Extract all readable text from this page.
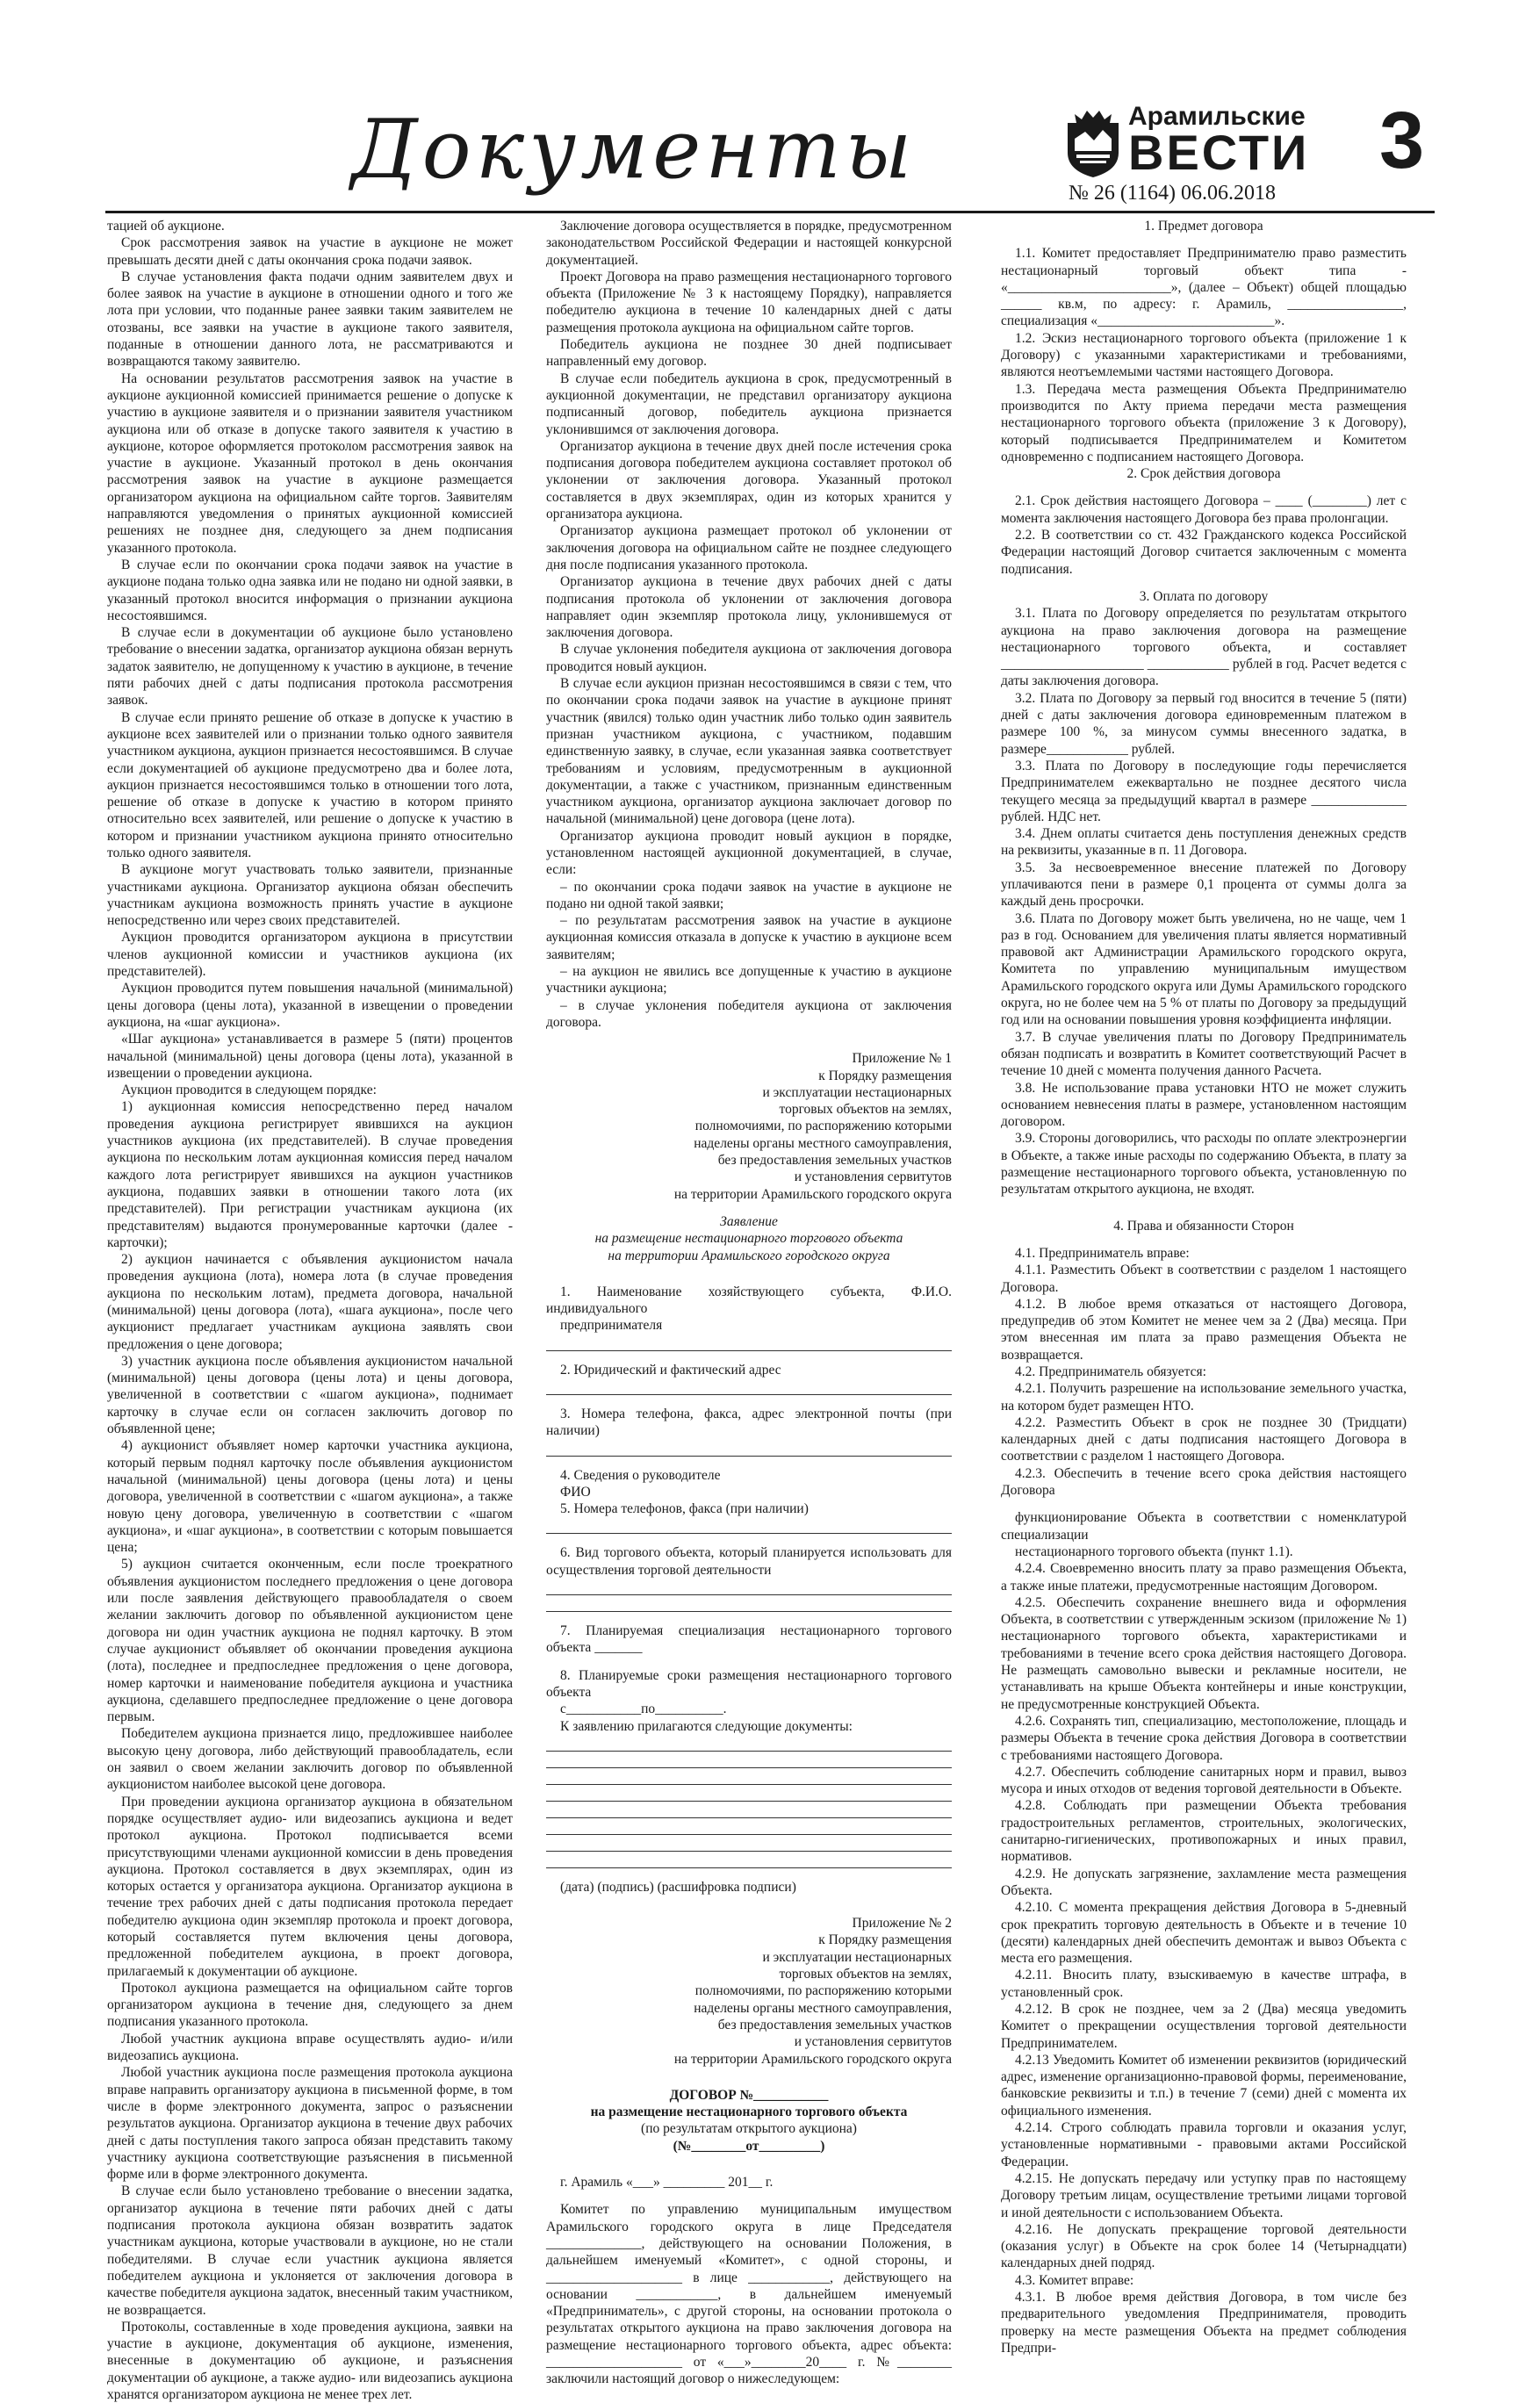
Документы	Арамильские
ВЕСТИ
№ 26 (1164) 06.06.2018
3

тацией об аукционе.

Срок рассмотрения заявок на участие в аукционе не может превышать десяти дней с даты окончания срока подачи заявок.

В случае установления факта подачи одним заявителем двух и более заявок на участие в аукционе в отношении одного и того же лота при условии, что поданные ранее заявки таким заявителем не отозваны, все заявки на участие в аукционе такого заявителя, поданные в отношении данного лота, не рассматриваются и возвращаются такому заявителю.

На основании результатов рассмотрения заявок на участие в аукционе аукционной комиссией принимается решение о допуске к участию в аукционе заявителя и о признании заявителя участником аукциона или об отказе в допуске такого заявителя к участию в аукционе, которое оформляется протоколом рассмотрения заявок на участие в аукционе. Указанный протокол в день окончания рассмотрения заявок на участие в аукционе размещается организатором аукциона на официальном сайте торгов. Заявителям направляются уведомления о принятых аукционной комиссией решениях не позднее дня, следующего за днем подписания указанного протокола.

В случае если по окончании срока подачи заявок на участие в аукционе подана только одна заявка или не подано ни одной заявки, в указанный протокол вносится информация о признании аукциона несостоявшимся.

В случае если в документации об аукционе было установлено требование о внесении задатка, организатор аукциона обязан вернуть задаток заявителю, не допущенному к участию в аукционе, в течение пяти рабочих дней с даты подписания протокола рассмотрения заявок.

В случае если принято решение об отказе в допуске к участию в аукционе всех заявителей или о признании только одного заявителя участником аукциона, аукцион признается несостоявшимся. В случае если документацией об аукционе предусмотрено два и более лота, аукцион признается несостоявшимся только в отношении того лота, решение об отказе в допуске к участию в котором принято относительно всех заявителей, или решение о допуске к участию в котором и признании участником аукциона принято относительно только одного заявителя.

В аукционе могут участвовать только заявители, признанные участниками аукциона. Организатор аукциона обязан обеспечить участникам аукциона возможность принять участие в аукционе непосредственно или через своих представителей.

Аукцион проводится организатором аукциона в присутствии членов аукционной комиссии и участников аукциона (их представителей).

Аукцион проводится путем повышения начальной (минимальной) цены договора (цены лота), указанной в извещении о проведении аукциона, на «шаг аукциона».

«Шаг аукциона» устанавливается в размере 5 (пяти) процентов начальной (минимальной) цены договора (цены лота), указанной в извещении о проведении аукциона.

Аукцион проводится в следующем порядке:

1) аукционная комиссия непосредственно перед началом проведения аукциона регистрирует явившихся на аукцион участников аукциона (их представителей). В случае проведения аукциона по нескольким лотам аукционная комиссия перед началом каждого лота регистрирует явившихся на аукцион участников аукциона, подавших заявки в отношении такого лота (их представителей). При регистрации участникам аукциона (их представителям) выдаются пронумерованные карточки (далее - карточки);

2) аукцион начинается с объявления аукционистом начала проведения аукциона (лота), номера лота (в случае проведения аукциона по нескольким лотам), предмета договора, начальной (минимальной) цены договора (лота), «шага аукциона», после чего аукционист предлагает участникам аукциона заявлять свои предложения о цене договора;

3) участник аукциона после объявления аукционистом начальной (минимальной) цены договора (цены лота) и цены договора, увеличенной в соответствии с «шагом аукциона», поднимает карточку в случае если он согласен заключить договор по объявленной цене;

4) аукционист объявляет номер карточки участника аукциона, который первым поднял карточку после объявления аукционистом начальной (минимальной) цены договора (цены лота) и цены договора, увеличенной в соответствии с «шагом аукциона», а также новую цену договора, увеличенную в соответствии с «шагом аукциона», и «шаг аукциона», в соответствии с которым повышается цена;

5) аукцион считается оконченным, если после троекратного объявления аукционистом последнего предложения о цене договора или после заявления действующего правообладателя о своем желании заключить договор по объявленной аукционистом цене договора ни один участник аукциона не поднял карточку. В этом случае аукционист объявляет об окончании проведения аукциона (лота), последнее и предпоследнее предложения о цене договора, номер карточки и наименование победителя аукциона и участника аукциона, сделавшего предпоследнее предложение о цене договора первым.

Победителем аукциона признается лицо, предложившее наиболее высокую цену договора, либо действующий правообладатель, если он заявил о своем желании заключить договор по объявленной аукционистом наиболее высокой цене договора.

При проведении аукциона организатор аукциона в обязательном порядке осуществляет аудио- или видеозапись аукциона и ведет протокол аукциона. Протокол подписывается всеми присутствующими членами аукционной комиссии в день проведения аукциона. Протокол составляется в двух экземплярах, один из которых остается у организатора аукциона. Организатор аукциона в течение трех рабочих дней с даты подписания протокола передает победителю аукциона один экземпляр протокола и проект договора, который составляется путем включения цены договора, предложенной победителем аукциона, в проект договора, прилагаемый к документации об аукционе.

Протокол аукциона размещается на официальном сайте торгов организатором аукциона в течение дня, следующего за днем подписания указанного протокола.

Любой участник аукциона вправе осуществлять аудио- и/или видеозапись аукциона.

Любой участник аукциона после размещения протокола аукциона вправе направить организатору аукциона в письменной форме, в том числе в форме электронного документа, запрос о разъяснении результатов аукциона. Организатор аукциона в течение двух рабочих дней с даты поступления такого запроса обязан представить такому участнику аукциона соответствующие разъяснения в письменной форме или в форме электронного документа.

В случае если было установлено требование о внесении задатка, организатор аукциона в течение пяти рабочих дней с даты подписания протокола аукциона обязан возвратить задаток участникам аукциона, которые участвовали в аукционе, но не стали победителями. В случае если участник аукциона является победителем аукциона и уклоняется от заключения договора в качестве победителя аукциона задаток, внесенный таким участником, не возвращается.

Протоколы, составленные в ходе проведения аукциона, заявки на участие в аукционе, документация об аукционе, изменения, внесенные в документацию об аукционе, и разъяснения документации об аукционе, а также аудио- или видеозапись аукциона хранятся организатором аукциона не менее трех лет.

Заключение договора осуществляется в порядке, предусмотренном законодательством Российской Федерации и настоящей конкурсной документацией.

Проект Договора на право размещения нестационарного торгового объекта (Приложение № 3 к настоящему Порядку), направляется победителю аукциона в течение 10 календарных дней с даты размещения протокола аукциона на официальном сайте торгов.

Победитель аукциона не позднее 30 дней подписывает направленный ему договор.

В случае если победитель аукциона в срок, предусмотренный в аукционной документации, не представил организатору аукциона подписанный договор, победитель аукциона признается уклонившимся от заключения договора.

Организатор аукциона в течение двух дней после истечения срока подписания договора победителем аукциона составляет протокол об уклонении от заключения договора. Указанный протокол составляется в двух экземплярах, один из которых хранится у организатора аукциона.

Организатор аукциона размещает протокол об уклонении от заключения договора на официальном сайте не позднее следующего дня после подписания указанного протокола.

Организатор аукциона в течение двух рабочих дней с даты подписания протокола об уклонении от заключения договора направляет один экземпляр протокола лицу, уклонившемуся от заключения договора.

В случае уклонения победителя аукциона от заключения договора проводится новый аукцион.

В случае если аукцион признан несостоявшимся в связи с тем, что по окончании срока подачи заявок на участие в аукционе принят участник (явился) только один участник либо только один заявитель признан участником аукциона, с участником, подавшим единственную заявку, в случае, если указанная заявка соответствует требованиям и условиям, предусмотренным в аукционной документации, а также с участником, признанным единственным участником аукциона, организатор аукциона заключает договор по начальной (минимальной) цене договора (цене лота).

Организатор аукциона проводит новый аукцион в порядке, установленном настоящей аукционной документацией, в случае, если:

– по окончании срока подачи заявок на участие в аукционе не подано ни одной такой заявки;

– по результатам рассмотрения заявок на участие в аукционе аукционная комиссия отказала в допуске к участию в аукционе всем заявителям;

– на аукцион не явились все допущенные к участию в аукционе участники аукциона;

– в случае уклонения победителя аукциона от заключения договора.

Приложение № 1
к Порядку размещения
и эксплуатации нестационарных
торговых объектов на землях,
полномочиями, по распоряжению которыми
наделены органы местного самоуправления,
без предоставления земельных участков
и установления сервитутов
на территории Арамильского городского округа
Заявление
на размещение нестационарного торгового объекта
на территории Арамильского городского округа

1. Наименование хозяйствующего субъекта, Ф.И.О. индивидуального

предпринимателя

2. Юридический и фактический адрес

3. Номера телефона, факса, адрес электронной почты (при наличии)

4. Сведения о руководителе

ФИО

5. Номера телефонов, факса (при наличии)

6. Вид торгового объекта, который планируется использовать для осуществления торговой деятельности

7. Планируемая специализация нестационарного торгового объекта _______

8. Планируемые сроки размещения нестационарного торгового объекта

с___________по__________.

К заявлению прилагаются следующие документы:

(дата) (подпись) (расшифровка подписи)

Приложение № 2
к Порядку размещения
и эксплуатации нестационарных
торговых объектов на землях,
полномочиями, по распоряжению которыми
наделены органы местного самоуправления,
без предоставления земельных участков
и установления сервитутов
на территории Арамильского городского округа
ДОГОВОР №___________
на размещение нестационарного торгового объекта
(по результатам открытого аукциона)
(№________от_________)

г. Арамиль «___» _________ 201__ г.

Комитет по управлению муниципальным имуществом Арамильского городского округа в лице Председателя ______________, действующего на основании Положения, в дальнейшем именуемый «Комитет», с одной стороны, и ____________________ в лице ____________, действующего на основании ____________, в дальнейшем именуемый «Предприниматель», с другой стороны, на основании протокола о результатах открытого аукциона на право заключения договора на размещение нестационарного торгового объекта, адрес объекта: ____________________ от «___»________20____ г. №________ заключили настоящий договор о нижеследующем:

1. Предмет договора

1.1. Комитет предоставляет Предпринимателю право разместить нестационарный торговый объект типа - «________________________», (далее – Объект) общей площадью ______ кв.м, по адресу: г. Арамиль, _________________, специализация «__________________________».

1.2. Эскиз нестационарного торгового объекта (приложение 1 к Договору) с указанными характеристиками и требованиями, являются неотъемлемыми частями настоящего Договора.

1.3. Передача места размещения Объекта Предпринимателю производится по Акту приема передачи места размещения нестационарного торгового объекта (приложение 3 к Договору), который подписывается Предпринимателем и Комитетом одновременно с подписанием настоящего Договора.

2. Срок действия договора

2.1. Срок действия настоящего Договора – ____ (________) лет с момента заключения настоящего Договора без права пролонгации.

2.2. В соответствии со ст. 432 Гражданского кодекса Российской Федерации настоящий Договор считается заключенным с момента подписания.

3. Оплата по договору

3.1. Плата по Договору определяется по результатам открытого аукциона на право заключения договора на размещение нестационарного торгового объекта, и составляет _____________________ ____________ рублей в год. Расчет ведется с даты заключения договора.

3.2. Плата по Договору за первый год вносится в течение 5 (пяти) дней с даты заключения договора единовременным платежом в размере 100 %, за минусом суммы внесенного задатка, в размере____________ рублей.

3.3. Плата по Договору в последующие годы перечисляется Предпринимателем ежеквартально не позднее десятого числа текущего месяца за предыдущий квартал в размере ______________ рублей. НДС нет.

3.4. Днем оплаты считается день поступления денежных средств на реквизиты, указанные в п. 11 Договора.

3.5. За несвоевременное внесение платежей по Договору уплачиваются пени в размере 0,1 процента от суммы долга за каждый день просрочки.

3.6. Плата по Договору может быть увеличена, но не чаще, чем 1 раз в год. Основанием для увеличения платы является нормативный правовой акт Администрации Арамильского городского округа, Комитета по управлению муниципальным имуществом Арамильского городского округа или Думы Арамильского городского округа, но не более чем на 5 % от платы по Договору за предыдущий год или на основании повышения уровня коэффициента инфляции.

3.7. В случае увеличения платы по Договору Предприниматель обязан подписать и возвратить в Комитет соответствующий Расчет в течение 10 дней с момента получения данного Расчета.

3.8. Не использование права установки НТО не может служить основанием невнесения платы в размере, установленном настоящим договором.

3.9. Стороны договорились, что расходы по оплате электроэнергии в Объекте, а также иные расходы по содержанию Объекта, в плату за размещение нестационарного торгового объекта, установленную по результатам открытого аукциона, не входят.

4. Права и обязанности Сторон

4.1. Предприниматель вправе:

4.1.1. Разместить Объект в соответствии с разделом 1 настоящего Договора.

4.1.2. В любое время отказаться от настоящего Договора, предупредив об этом Комитет не менее чем за 2 (Два) месяца. При этом внесенная им плата за право размещения Объекта не возвращается.

4.2. Предприниматель обязуется:

4.2.1. Получить разрешение на использование земельного участка, на котором будет размещен НТО.

4.2.2. Разместить Объект в срок не позднее 30 (Тридцати) календарных дней с даты подписания настоящего Договора в соответствии с разделом 1 настоящего Договора.

4.2.3. Обеспечить в течение всего срока действия настоящего Договора

функционирование Объекта в соответствии с номенклатурой специализации

нестационарного торгового объекта (пункт 1.1).

4.2.4. Своевременно вносить плату за право размещения Объекта, а также иные платежи, предусмотренные настоящим Договором.

4.2.5. Обеспечить сохранение внешнего вида и оформления Объекта, в соответствии с утвержденным эскизом (приложение № 1) нестационарного торгового объекта, характеристиками и требованиями в течение всего срока действия настоящего Договора. Не размещать самовольно вывески и рекламные носители, не устанавливать на крыше Объекта контейнеры и иные конструкции, не предусмотренные конструкцией Объекта.

4.2.6. Сохранять тип, специализацию, местоположение, площадь и размеры Объекта в течение срока действия Договора в соответствии с требованиями настоящего Договора.

4.2.7. Обеспечить соблюдение санитарных норм и правил, вывоз мусора и иных отходов от ведения торговой деятельности в Объекте.

4.2.8. Соблюдать при размещении Объекта требования градостроительных регламентов, строительных, экологических, санитарно-гигиенических, противопожарных и иных правил, нормативов.

4.2.9. Не допускать загрязнение, захламление места размещения Объекта.

4.2.10. С момента прекращения действия Договора в 5-дневный срок прекратить торговую деятельность в Объекте и в течение 10 (десяти) календарных дней обеспечить демонтаж и вывоз Объекта с места его размещения.

4.2.11. Вносить плату, взыскиваемую в качестве штрафа, в установленный срок.

4.2.12. В срок не позднее, чем за 2 (Два) месяца уведомить Комитет о прекращении осуществления торговой деятельности Предпринимателем.

4.2.13 Уведомить Комитет об изменении реквизитов (юридический адрес, изменение организационно-правовой формы, переименование, банковские реквизиты и т.п.) в течение 7 (семи) дней с момента их официального изменения.

4.2.14. Строго соблюдать правила торговли и оказания услуг, установленные нормативными - правовыми актами Российской Федерации.

4.2.15. Не допускать передачу или уступку прав по настоящему Договору третьим лицам, осуществление третьими лицами торговой и иной деятельности с использованием Объекта.

4.2.16. Не допускать прекращение торговой деятельности (оказания услуг) в Объекте на срок более 14 (Четырнадцати) календарных дней подряд.

4.3. Комитет вправе:

4.3.1. В любое время действия Договора, в том числе без предварительного уведомления Предпринимателя, проводить проверку на месте размещения Объекта на предмет соблюдения Предпри-
